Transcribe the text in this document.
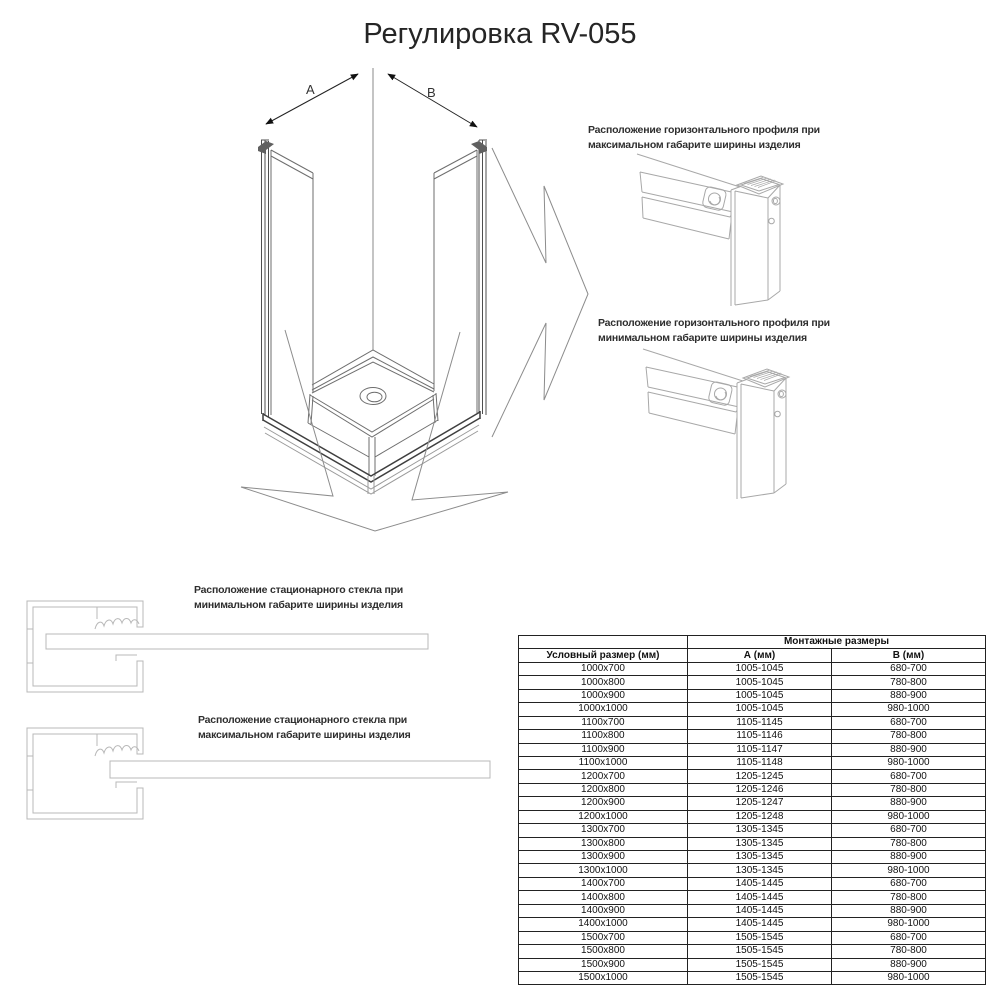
Регулировка RV-055
A	B
Расположение горизонтального профиля при
максимальном габарите ширины изделия
Расположение горизонтального профиля при
минимальном габарите ширины изделия
Расположение стационарного стекла при
минимальном габарите ширины изделия
Расположение стационарного стекла при
максимальном габарите ширины изделия
	Монтажные размеры	
Условный размер (мм)	А (мм)	В (мм)
1000x700	1005-1045	680-700
1000x800	1005-1045	780-800
1000x900	1005-1045	880-900
1000x1000	1005-1045	980-1000
1100x700	1105-1145	680-700
1100x800	1105-1146	780-800
1100x900	1105-1147	880-900
1100x1000	1105-1148	980-1000
1200x700	1205-1245	680-700
1200x800	1205-1246	780-800
1200x900	1205-1247	880-900
1200x1000	1205-1248	980-1000
1300x700	1305-1345	680-700
1300x800	1305-1345	780-800
1300x900	1305-1345	880-900
1300x1000	1305-1345	980-1000
1400x700	1405-1445	680-700
1400x800	1405-1445	780-800
1400x900	1405-1445	880-900
1400x1000	1405-1445	980-1000
1500x700	1505-1545	680-700
1500x800	1505-1545	780-800
1500x900	1505-1545	880-900
1500x1000	1505-1545	980-1000
